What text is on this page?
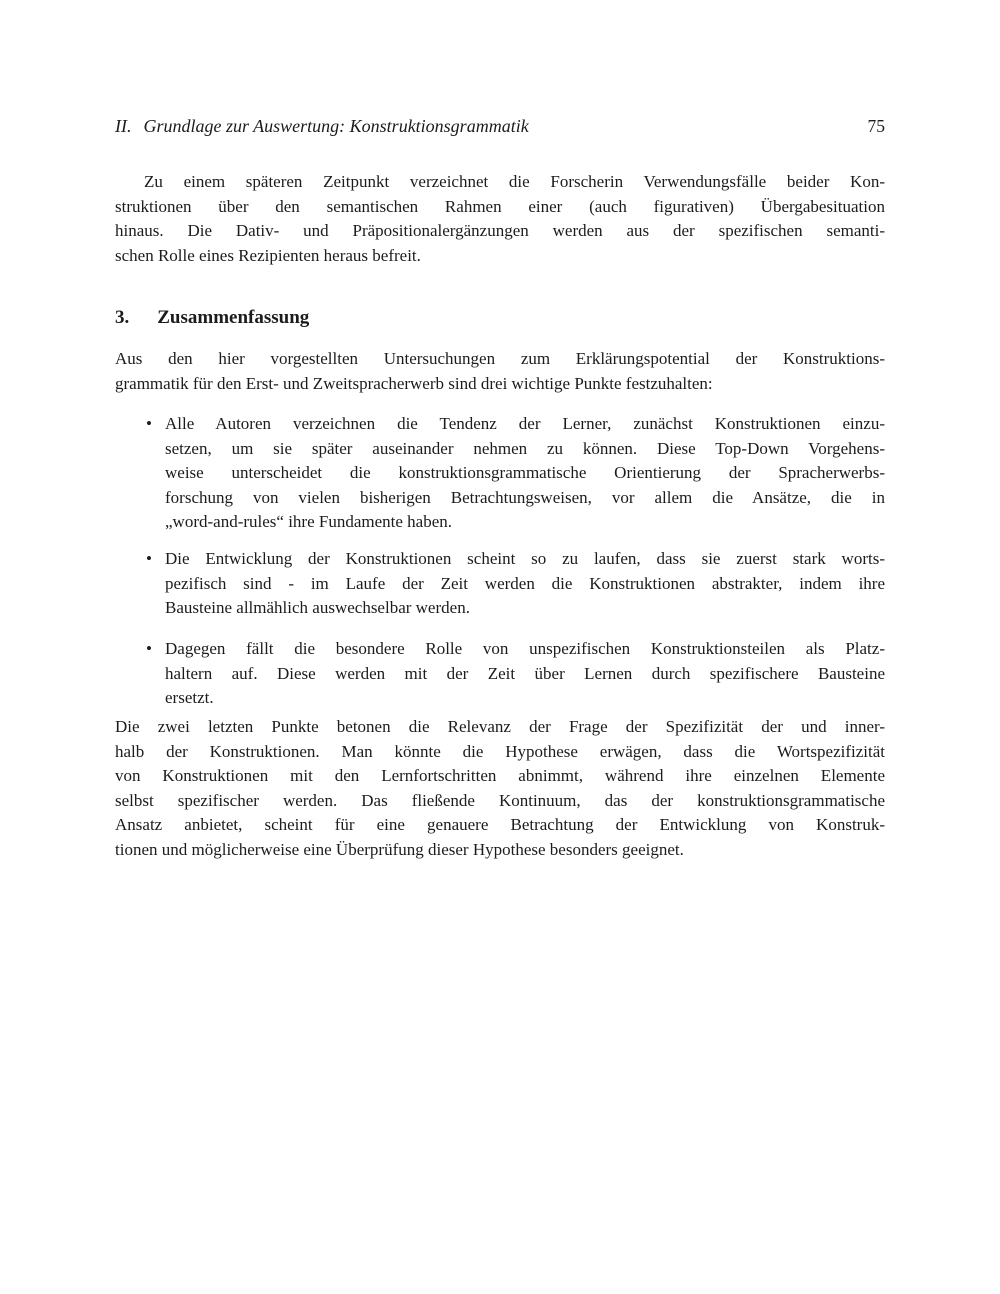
II. Grundlage zur Auswertung: Konstruktionsgrammatik	75
Zu einem späteren Zeitpunkt verzeichnet die Forscherin Verwendungsfälle beider Kon-
struktionen über den semantischen Rahmen einer (auch figurativen) Übergabesituation
hinaus. Die Dativ- und Präpositionalergänzungen werden aus der spezifischen semanti-
schen Rolle eines Rezipienten heraus befreit.
3. Zusammenfassung
Aus den hier vorgestellten Untersuchungen zum Erklärungspotential der Konstruktions-
grammatik für den Erst- und Zweitspracherwerb sind drei wichtige Punkte festzuhalten:
• Alle Autoren verzeichnen die Tendenz der Lerner, zunächst Konstruktionen einzu-
setzen, um sie später auseinander nehmen zu können. Diese Top-Down Vorgehens-
weise unterscheidet die konstruktionsgrammatische Orientierung der Spracherwerbs-
forschung von vielen bisherigen Betrachtungsweisen, vor allem die Ansätze, die in
„word-and-rules“ ihre Fundamente haben.
• Die Entwicklung der Konstruktionen scheint so zu laufen, dass sie zuerst stark worts-
pezifisch sind - im Laufe der Zeit werden die Konstruktionen abstrakter, indem ihre
Bausteine allmählich auswechselbar werden.
• Dagegen fällt die besondere Rolle von unspezifischen Konstruktionsteilen als Platz-
haltern auf. Diese werden mit der Zeit über Lernen durch spezifischere Bausteine
ersetzt.
Die zwei letzten Punkte betonen die Relevanz der Frage der Spezifizität der und inner-
halb der Konstruktionen. Man könnte die Hypothese erwägen, dass die Wortspezifizität
von Konstruktionen mit den Lernfortschritten abnimmt, während ihre einzelnen Elemente
selbst spezifischer werden. Das fließende Kontinuum, das der konstruktionsgrammatische
Ansatz anbietet, scheint für eine genauere Betrachtung der Entwicklung von Konstruk-
tionen und möglicherweise eine Überprüfung dieser Hypothese besonders geeignet.
